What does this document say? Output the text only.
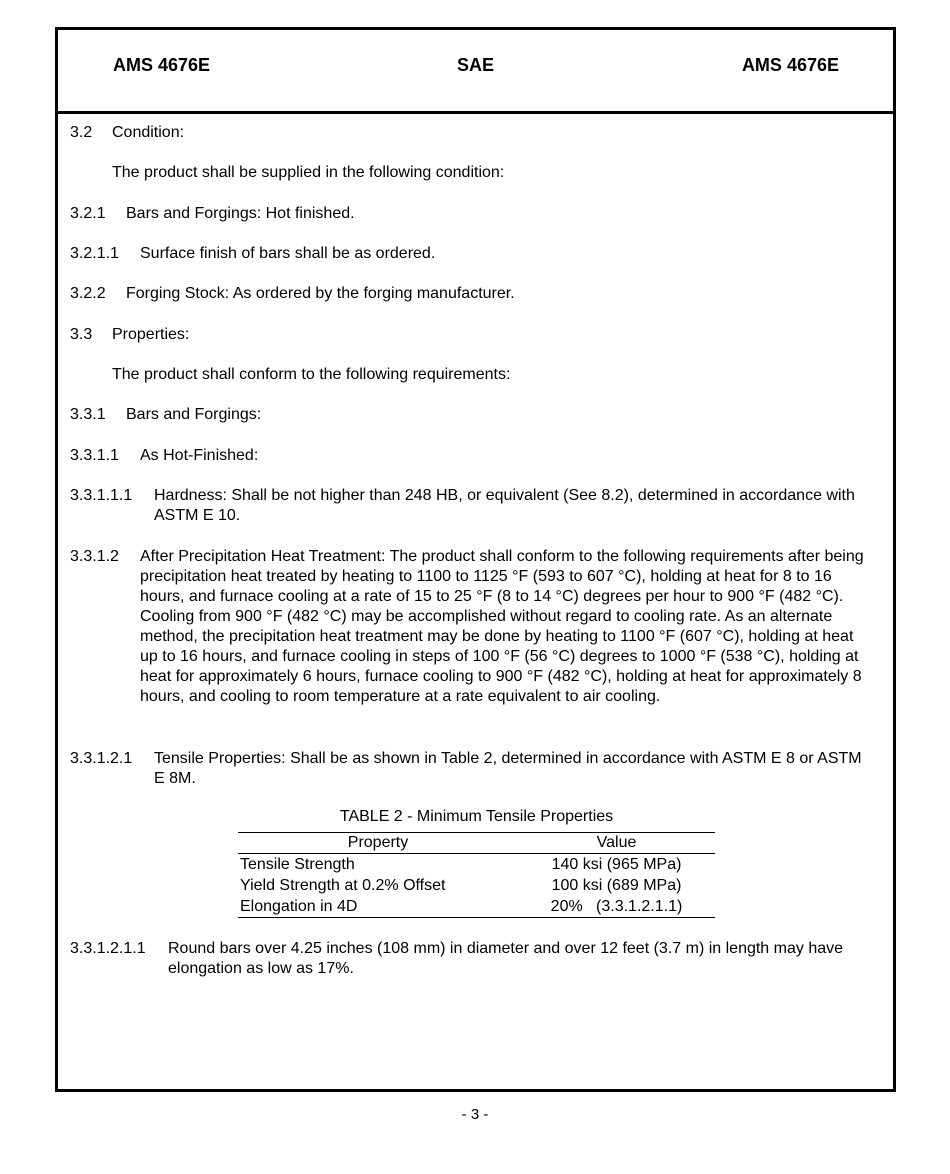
AMS 4676E	SAE	AMS 4676E
3.2	Condition:
The product shall be supplied in the following condition:
3.2.1	Bars and Forgings: Hot finished.
3.2.1.1	Surface finish of bars shall be as ordered.
3.2.2	Forging Stock: As ordered by the forging manufacturer.
3.3	Properties:
The product shall conform to the following requirements:
3.3.1	Bars and Forgings:
3.3.1.1	As Hot-Finished:
3.3.1.1.1	Hardness: Shall be not higher than 248 HB, or equivalent (See 8.2), determined in accordance with ASTM E 10.
3.3.1.2	After Precipitation Heat Treatment: The product shall conform to the following requirements after being precipitation heat treated by heating to 1100 to 1125 °F (593 to 607 °C), holding at heat for 8 to 16 hours, and furnace cooling at a rate of 15 to 25 °F (8 to 14 °C) degrees per hour to 900 °F (482 °C). Cooling from 900 °F (482 °C) may be accomplished without regard to cooling rate. As an alternate method, the precipitation heat treatment may be done by heating to 1100 °F (607 °C), holding at heat up to 16 hours, and furnace cooling in steps of 100 °F (56 °C) degrees to 1000 °F (538 °C), holding at heat for approximately 6 hours, furnace cooling to 900 °F (482 °C), holding at heat for approximately 8 hours, and cooling to room temperature at a rate equivalent to air cooling.
3.3.1.2.1	Tensile Properties: Shall be as shown in Table 2, determined in accordance with ASTM E 8 or ASTM E 8M.
TABLE 2 - Minimum Tensile Properties
Property	Value
Tensile Strength	140 ksi (965 MPa)
Yield Strength at 0.2% Offset	100 ksi (689 MPa)
Elongation in 4D	20%   (3.3.1.2.1.1)
3.3.1.2.1.1	Round bars over 4.25 inches (108 mm) in diameter and over 12 feet (3.7 m) in length may have elongation as low as 17%.
- 3 -
